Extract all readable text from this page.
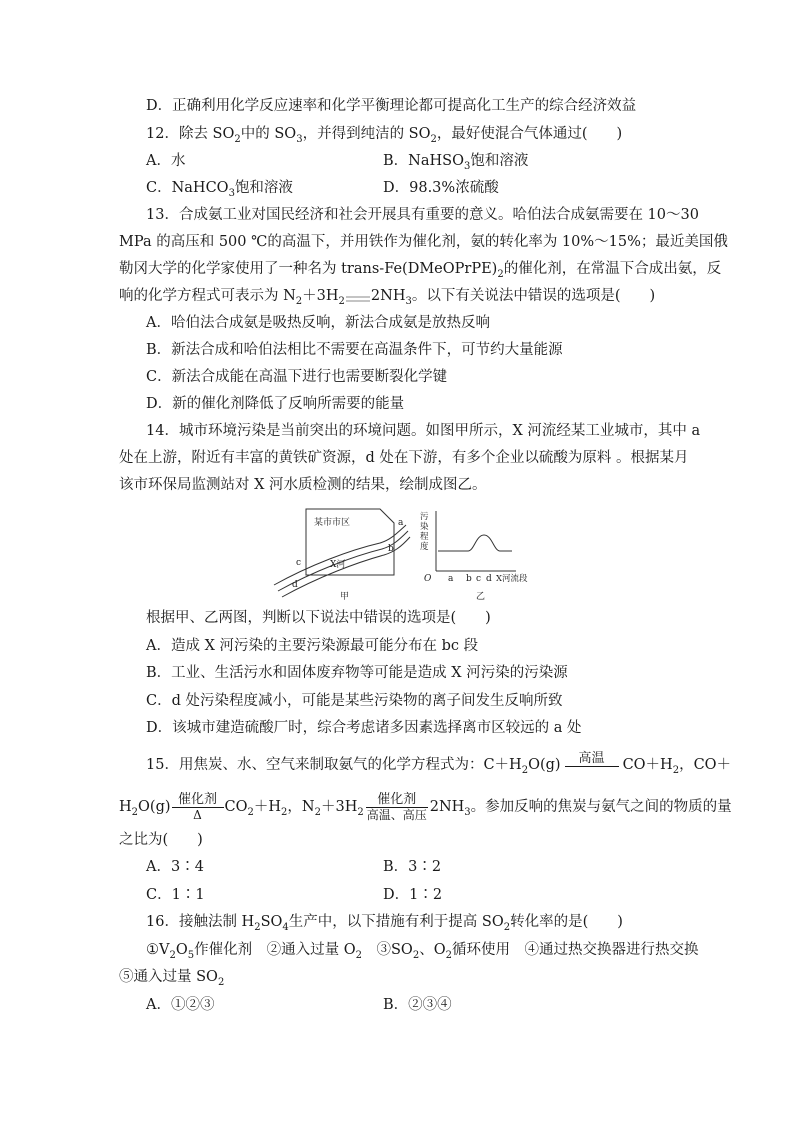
D．正确利用化学反应速率和化学平衡理论都可提高化工生产的综合经济效益
12．除去 $SO_2$中的 $SO_3$，并得到纯洁的 $SO_2$，最好使混合气体通过(　　)
A．水	B．NaHSO$_3$饱和溶液
C．NaHCO$_3$饱和溶液	D．98.3%浓硫酸
13．合成氨工业对国民经济和社会开展具有重要的意义。哈伯法合成氨需要在 10～30
MPa 的高压和 500 ℃的高温下，并用铁作为催化剂，氨的转化率为 10%～15%；最近美国俄
勒冈大学的化学家使用了一种名为 trans-$Fe(DMeOPrPE)_2$的催化剂，在常温下合成出氨，反
响的化学方程式可表示为 $N_2+3H_2$ $2NH_3$。以下有关说法中错误的选项是(　　)
A．哈伯法合成氨是吸热反响，新法合成氨是放热反响
B．新法合成和哈伯法相比不需要在高温条件下，可节约大量能源
C．新法合成能在高温下进行也需要断裂化学键
D．新的催化剂降低了反响所需要的能量
14．城市环境污染是当前突出的环境问题。如图甲所示，X 河流经某工业城市，其中 a
处在上游，附近有丰富的黄铁矿资源，d 处在下游，有多个企业以硫酸为原料 。根据某月
该市环保局监测站对 X 河水质检测的结果，绘制成图乙。
某市市区
X河
a
b
c
d
甲
污
染
程
度
O a b c d X河流段
乙
根据甲、乙两图，判断以下说法中错误的选项是(　　)
A．造成 X 河污染的主要污染源最可能分布在 bc 段
B．工业、生活污水和固体废弃物等可能是造成 X 河污染的污染源
C．d 处污染程度减小，可能是某些污染物的离子间发生反响所致
D．该城市建造硫酸厂时，综合考虑诸多因素选择离市区较远的 a 处
15．用焦炭、水、空气来制取氨气的化学方程式为：$C+H_2O(g)$	高温	$CO+H_2$，CO＋
$H_2O(g) \frac{\text{催化剂}}{\Delta} CO_2+H_2$，$N_2+3H_2 \frac{\text{催化剂}}{\text{高温、高压}} 2NH_3$。参加反响的焦炭与氨气之间的物质的量
之比为(　　)
A．3∶4	B．3∶2
C．1∶1	D．1∶2
16．接触法制 $H_2SO_4$生产中，以下措施有利于提高 $SO_2$转化率的是(　　)
$①V_2O_5$作催化剂　②通入过量 $O_2$　$③SO_2$、$O_2$循环使用　④通过热交换器进行热交换
⑤通入过量 $SO_2$
A．①②③	B．②③④
